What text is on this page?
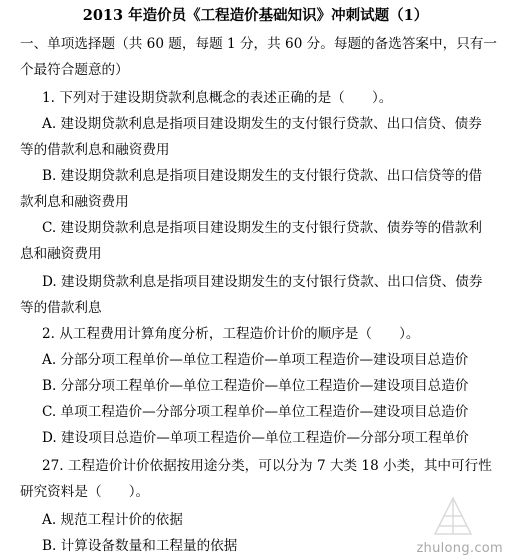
2013 年造价员《工程造价基础知识》冲刺试题（1）
一、单项选择题（共 60 题，每题 1 分，共 60 分。每题的备选答案中，只有一
个最符合题意的）
1. 下列对于建设期贷款利息概念的表述正确的是（　　）。
A. 建设期贷款利息是指项目建设期发生的支付银行贷款、出口信贷、债券
等的借款利息和融资费用
B. 建设期贷款利息是指项目建设期发生的支付银行贷款、出口信贷等的借
款利息和融资费用
C. 建设期贷款利息是指项目建设期发生的支付银行贷款、债券等的借款利
息和融资费用
D. 建设期贷款利息是指项目建设期发生的支付银行贷款、出口信贷、债券
等的借款利息
2. 从工程费用计算角度分析，工程造价计价的顺序是（　　）。
A. 分部分项工程单价—单位工程造价—单项工程造价—建设项目总造价
B. 分部分项工程单价—单位工程造价—单位工程造价—建设项目总造价
C. 单项工程造价—分部分项工程单价—单位工程造价—建设项目总造价
D. 建设项目总造价—单项工程造价—单位工程造价—分部分项工程单价
27. 工程造价计价依据按用途分类，可以分为 7 大类 18 小类，其中可行性
研究资料是（　　）。
A. 规范工程计价的依据
B. 计算设备数量和工程量的依据	zhulong.com
